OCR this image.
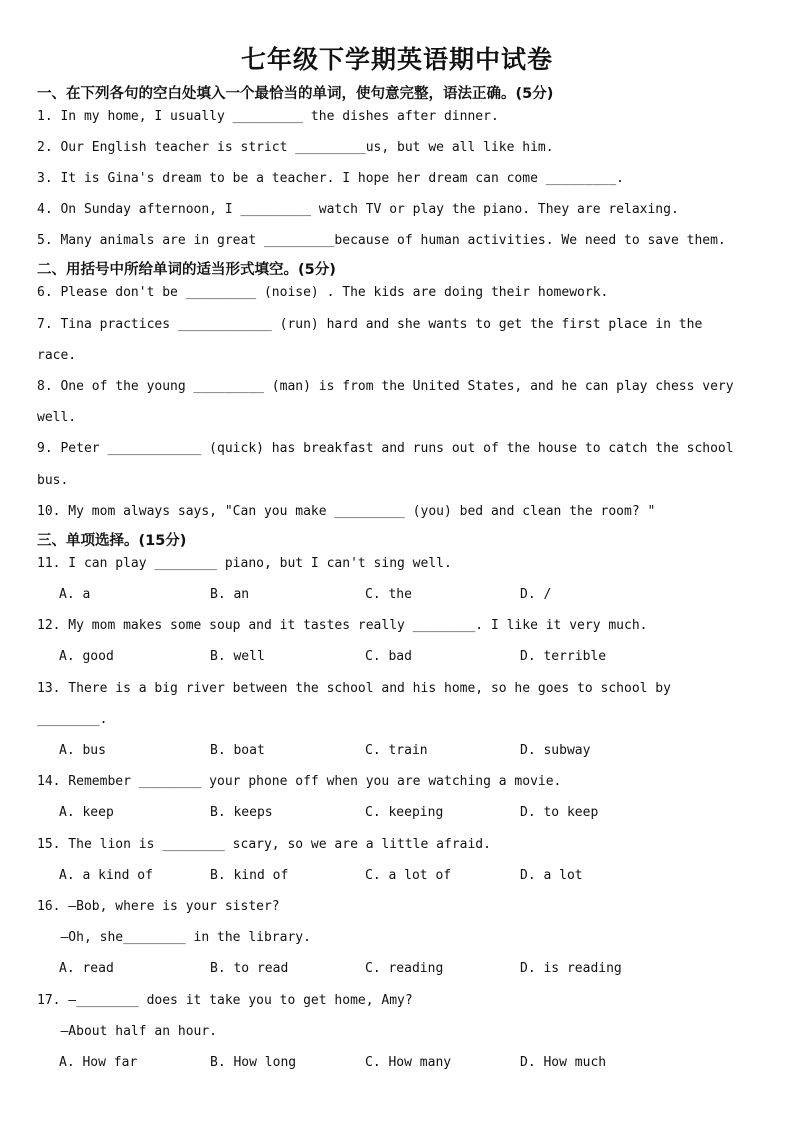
七年级下学期英语期中试卷
一、在下列各句的空白处填入一个最恰当的单词，使句意完整，语法正确。(5分)
1. In my home, I usually _________ the dishes after dinner.
2. Our English teacher is strict _________us, but we all like him.
3. It is Gina's dream to be a teacher. I hope her dream can come _________.
4. On Sunday afternoon, I _________ watch TV or play the piano. They are relaxing.
5. Many animals are in great _________because of human activities. We need to save them.
二、用括号中所给单词的适当形式填空。(5分)
6. Please don't be _________ (noise) . The kids are doing their homework.
7. Tina practices ____________ (run) hard and she wants to get the first place in the
race.
8. One of the young _________ (man) is from the United States, and he can play chess very
well.
9. Peter ____________ (quick) has breakfast and runs out of the house to catch the school
bus.
10. My mom always says, "Can you make _________ (you) bed and clean the room? "
三、单项选择。(15分)
11. I can play ________ piano, but I can't sing well.
A. a	B. an	C. the	D. /
12. My mom makes some soup and it tastes really ________. I like it very much.
A. good	B. well	C. bad	D. terrible
13. There is a big river between the school and his home, so he goes to school by
________.
A. bus	B. boat	C. train	D. subway
14. Remember ________ your phone off when you are watching a movie.
A. keep	B. keeps	C. keeping	D. to keep
15. The lion is ________ scary, so we are a little afraid.
A. a kind of	B. kind of	C. a lot of	D. a lot
16. —Bob, where is your sister?
—Oh, she________ in the library.
A. read	B. to read	C. reading	D. is reading
17. —________ does it take you to get home, Amy?
—About half an hour.
A. How far	B. How long	C. How many	D. How much
